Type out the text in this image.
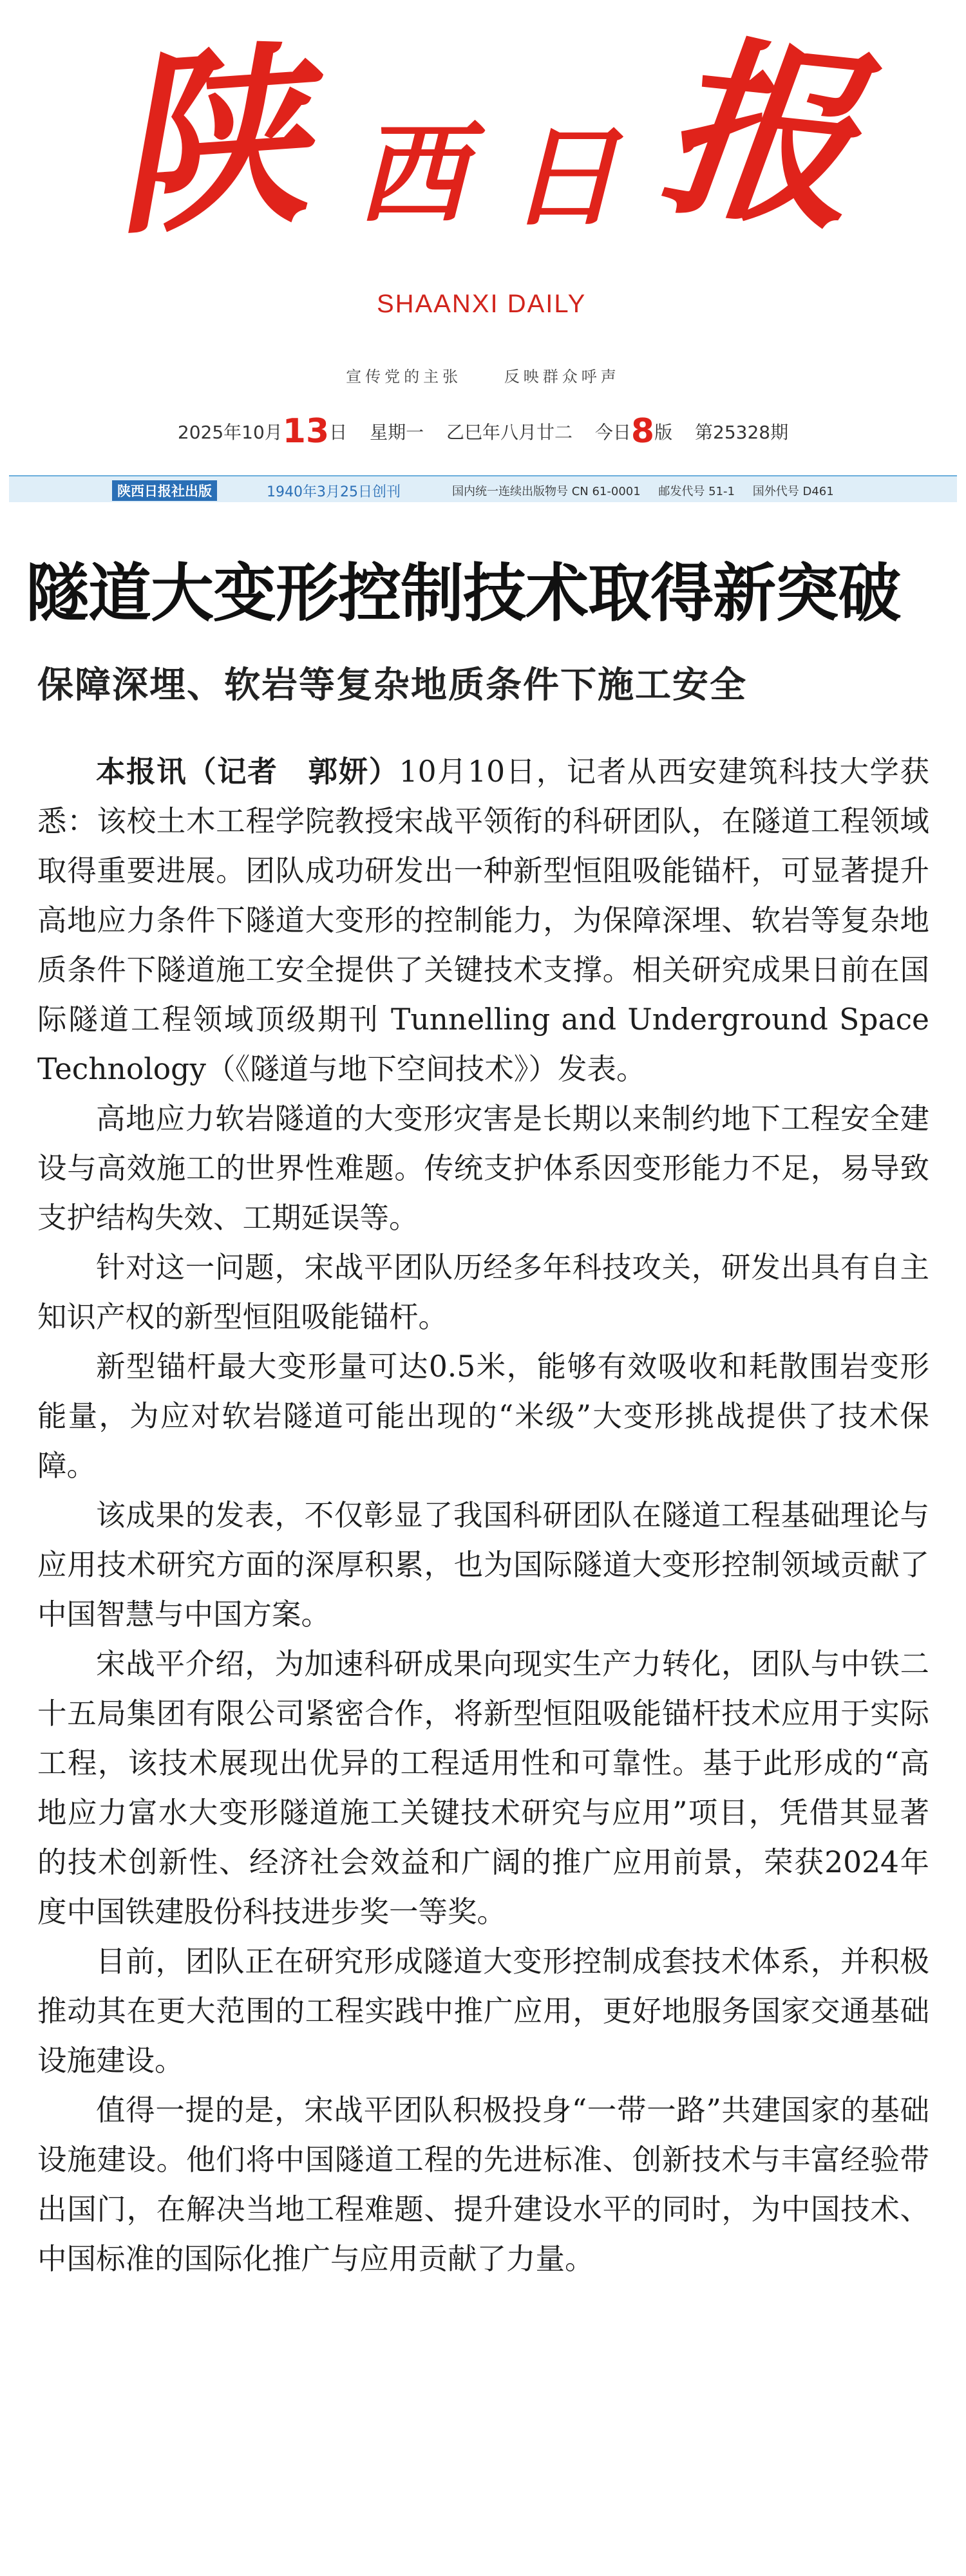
陕 西 日 报
SHAANXI DAILY
宣传党的主张	反映群众呼声
2025年10月13日 星期一 乙巳年八月廿二 今日8版 第25328期
陕西日报社出版	1940年3月25日创刊	国内统一连续出版物号 CN 61-0001 邮发代号 51-1 国外代号 D461
隧道大变形控制技术取得新突破
保障深埋、软岩等复杂地质条件下施工安全

本报讯（记者　郭妍）10月10日，记者从西安建筑科技大学获悉：该校土木工程学院教授宋战平领衔的科研团队，在隧道工程领域取得重要进展。团队成功研发出一种新型恒阻吸能锚杆，可显著提升高地应力条件下隧道大变形的控制能力，为保障深埋、软岩等复杂地质条件下隧道施工安全提供了关键技术支撑。相关研究成果日前在国际隧道工程领域顶级期刊 Tunnelling and Underground Space Technology（《隧道与地下空间技术》）发表。

高地应力软岩隧道的大变形灾害是长期以来制约地下工程安全建设与高效施工的世界性难题。传统支护体系因变形能力不足，易导致支护结构失效、工期延误等。

针对这一问题，宋战平团队历经多年科技攻关，研发出具有自主知识产权的新型恒阻吸能锚杆。

新型锚杆最大变形量可达0.5米，能够有效吸收和耗散围岩变形能量，为应对软岩隧道可能出现的“米级”大变形挑战提供了技术保障。

该成果的发表，不仅彰显了我国科研团队在隧道工程基础理论与应用技术研究方面的深厚积累，也为国际隧道大变形控制领域贡献了中国智慧与中国方案。

宋战平介绍，为加速科研成果向现实生产力转化，团队与中铁二十五局集团有限公司紧密合作，将新型恒阻吸能锚杆技术应用于实际工程，该技术展现出优异的工程适用性和可靠性。基于此形成的“高地应力富水大变形隧道施工关键技术研究与应用”项目，凭借其显著的技术创新性、经济社会效益和广阔的推广应用前景，荣获2024年度中国铁建股份科技进步奖一等奖。

目前，团队正在研究形成隧道大变形控制成套技术体系，并积极推动其在更大范围的工程实践中推广应用，更好地服务国家交通基础设施建设。

值得一提的是，宋战平团队积极投身“一带一路”共建国家的基础设施建设。他们将中国隧道工程的先进标准、创新技术与丰富经验带出国门，在解决当地工程难题、提升建设水平的同时，为中国技术、中国标准的国际化推广与应用贡献了力量。
